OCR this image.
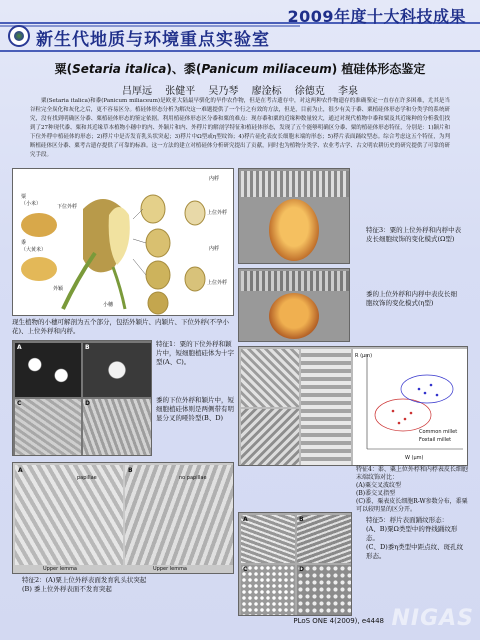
2009年度十大科技成果
新生代地质与环境重点实验室
粟(Setaria italica)、黍(Panicum miliaceum) 植硅体形态鉴定
吕厚远 张健平 吴乃琴 廖淦标 徐德克 李泉
粟(Setaria italica)和黍(Panicum miliaceum)是欧亚大陆最早驯化的旱作农作物，但是在考古遗存中，对这两种农作物遗存的准确鉴定一直存在许多困难，尤其是当谷粒完全炭化和灰化之后，更不容易区分。植硅体形态分析为解决这一难题提供了一个行之有效的方法，但是，目前为止，很少有关于黍、粟植硅体形态学和分类学的系统研究，没有找到明确区分黍、粟植硅体形态的鉴定依据。利用植硅体形态区分黍和粟的难点：现存黍和粟的近缘种数量较大，通过对现代植物中黍和粟及其近缘种的分析我们找到了27种现代黍、粟和其近缘草本植物小穗中的内、外颖片和内、外稃片的解剖学特征和植硅体形态，发现了五个能够明确区分黍、粟的植硅体形态特征，分别是：1)颖片和下位外稃中植硅体的形态；2)稃片中是否发育乳头状突起；3)稃片中Ω型或η型纹饰；4)稃片硅化表皮长细胞末端的形态；5)稃片表面踊纹型态。综合考虑这五个特征，为判断植硅体区分黍、粟考古遗存提供了可靠的标准。这一方法的建立对植硅体分析研究提出了贡献，同时也为植物分类学、农业考古学、古文明农耕历史的研究提供了可靠的研究手段。
粟
（小米）
黍
（大黄米）
下位外稃
外颖
小穗
内稃
上位外稃
内稃
上位外稃
现生植物的小穗可解剖为五个部分，包括外颖片、内颖片、下位外稃(不孕小花)、上位外稃和内稃。
A	B
C	D
特征1：粟的下位外稃和颖片中，短细胞植硅体为十字型(A、C)。
黍的下位外稃和颖片中，短细胞植硅体则是两侧带有明显分叉的哑铃型(B、D)
A	B
papillae	no papillae
Upper lemma	Upper lemma
特征2：(A)粟上位外稃表面发育乳头状突起
(B) 黍上位外稃表面不发育突起
特征3：粟的上位外稃和内稃中表皮长细胞纹饰的变化模式(Ω型)
黍的上位外稃和内稃中表皮长细胞纹饰的变化模式(η型)
Common millet
Foxtail millet
W (μm)
R (μm)
特征4：黍、粟上位外稃和内稃表皮长细胞末端纹饰对比：
(A)粟交叉波纹型
(B)黍交叉指型
(C)黍、粟表皮长细胞R-W参数分布，黍粟可以较明显的区分开。
A	B
C	D
特征5：稃片表面踊纹形态：
(A、B)粟Ω类型中的脊线踊纹形态。
(C、D)黍η类型中距点纹、斑孔纹形态。
PLoS ONE 4(2009), e4448 NIGAS
